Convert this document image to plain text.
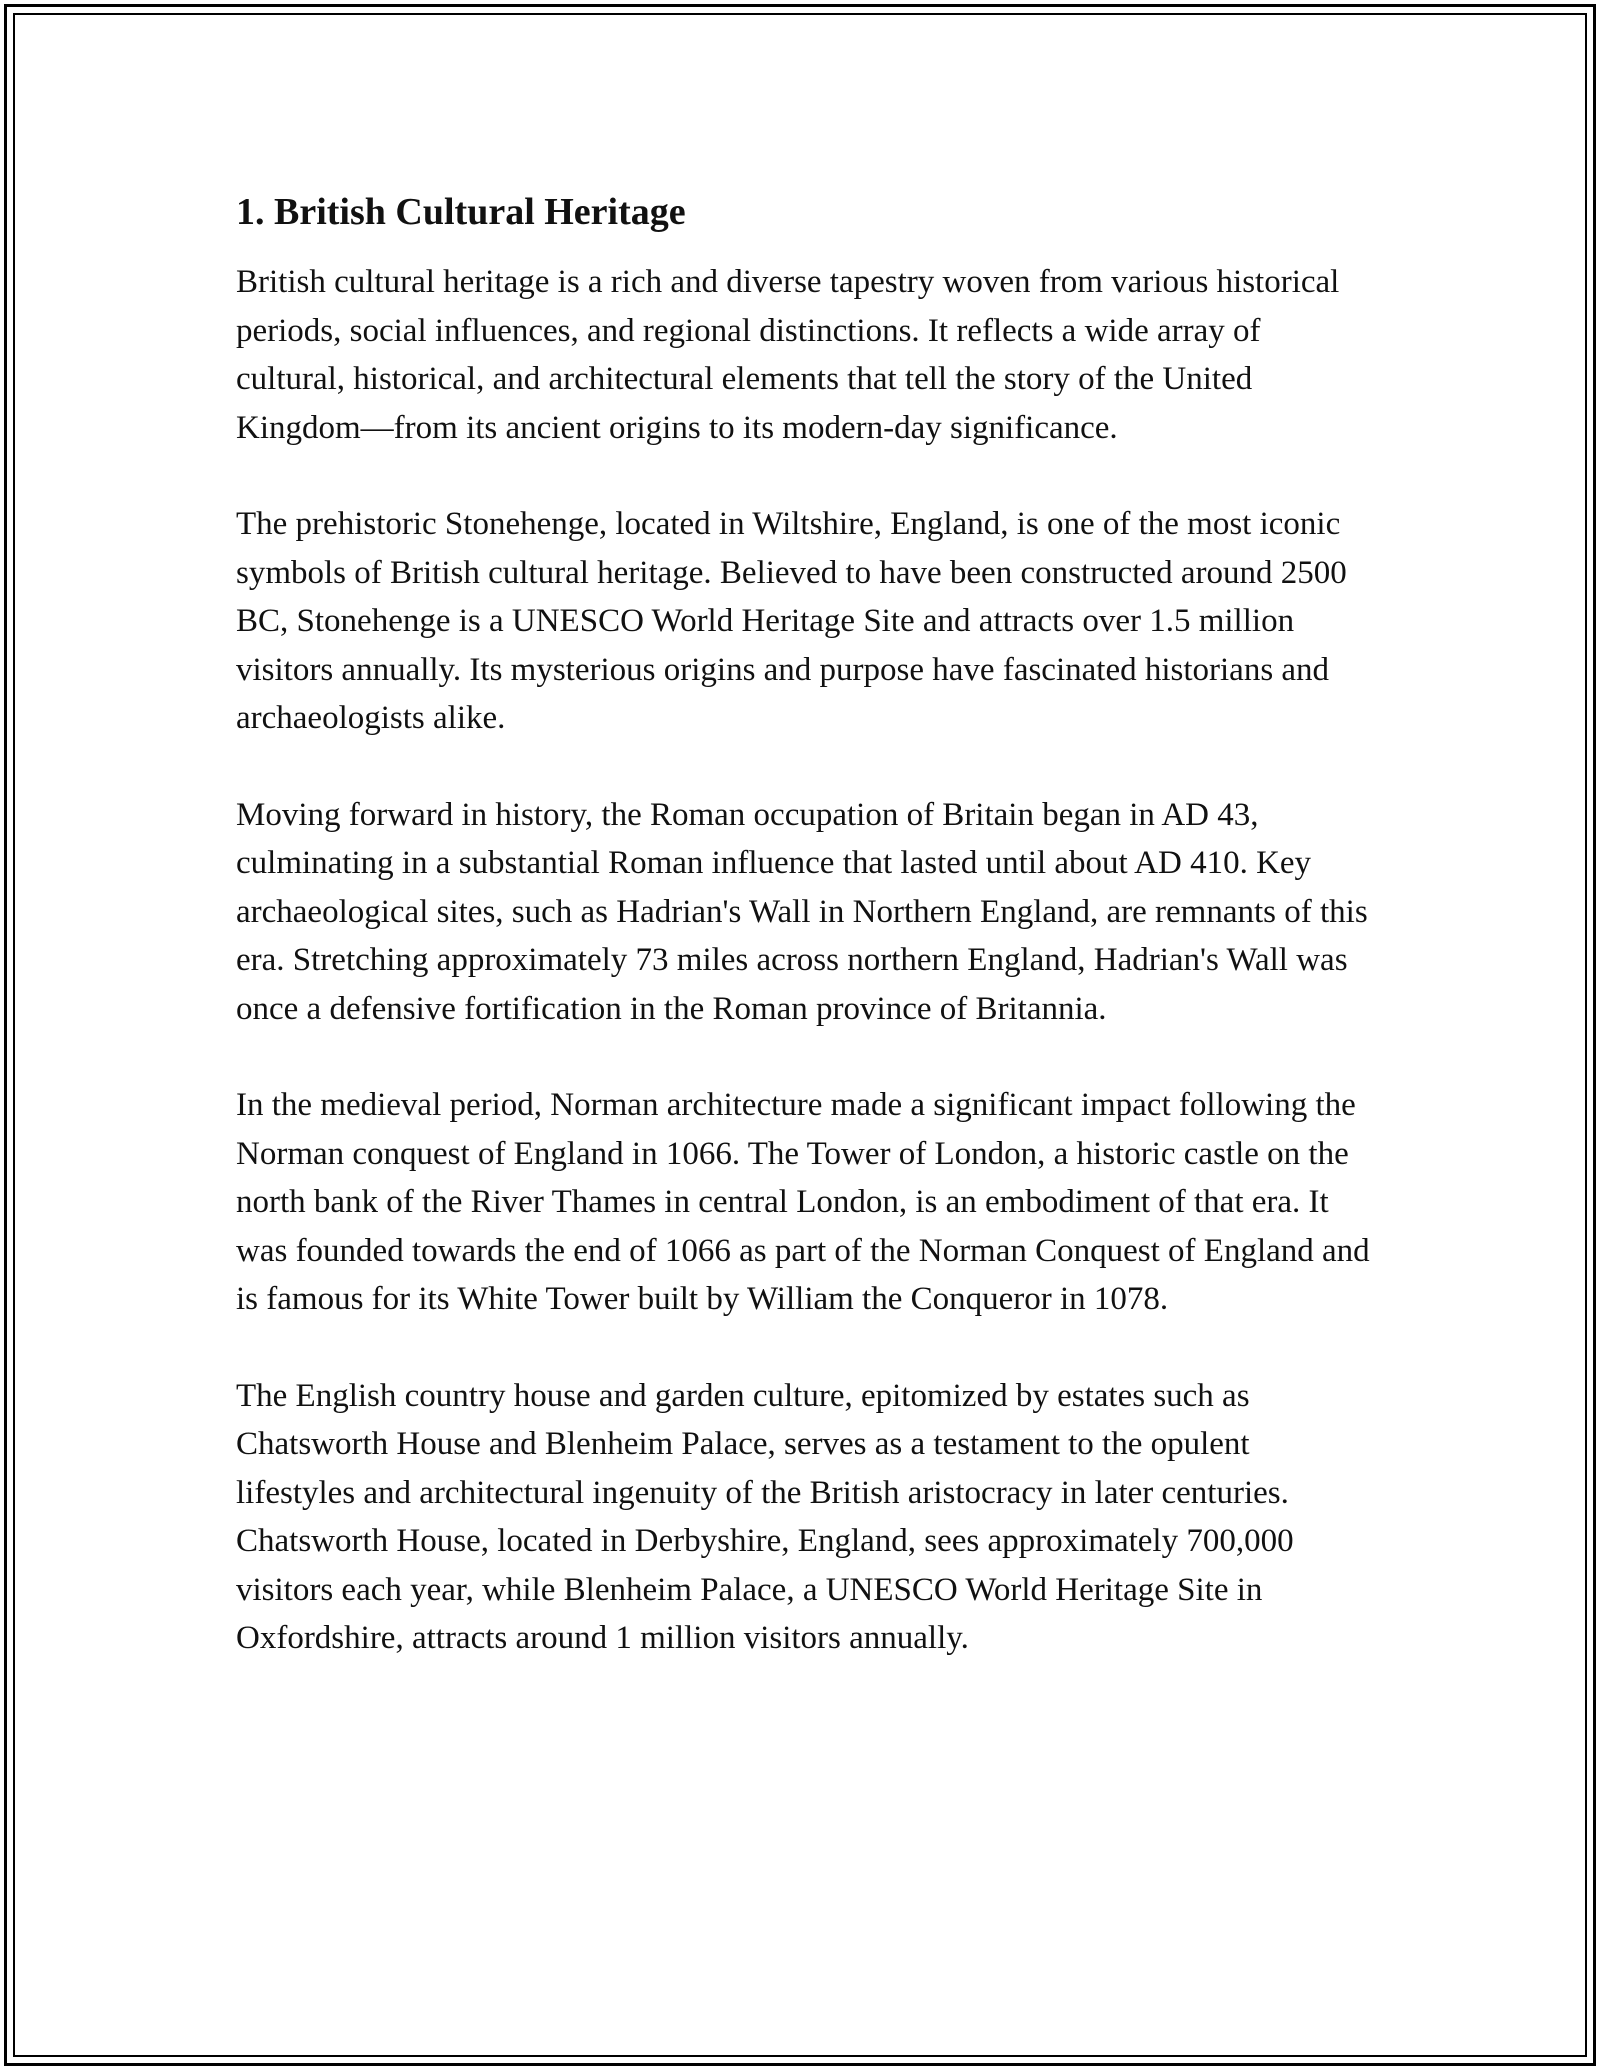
1. British Cultural Heritage

British cultural heritage is a rich and diverse tapestry woven from various historical periods, social influences, and regional distinctions. It reflects a wide array of cultural, historical, and architectural elements that tell the story of the United Kingdom—from its ancient origins to its modern-day significance.

The prehistoric Stonehenge, located in Wiltshire, England, is one of the most iconic symbols of British cultural heritage. Believed to have been constructed around 2500 BC, Stonehenge is a UNESCO World Heritage Site and attracts over 1.5 million visitors annually. Its mysterious origins and purpose have fascinated historians and archaeologists alike.

Moving forward in history, the Roman occupation of Britain began in AD 43, culminating in a substantial Roman influence that lasted until about AD 410. Key archaeological sites, such as Hadrian's Wall in Northern England, are remnants of this era. Stretching approximately 73 miles across northern England, Hadrian's Wall was once a defensive fortification in the Roman province of Britannia.

In the medieval period, Norman architecture made a significant impact following the Norman conquest of England in 1066. The Tower of London, a historic castle on the north bank of the River Thames in central London, is an embodiment of that era. It was founded towards the end of 1066 as part of the Norman Conquest of England and is famous for its White Tower built by William the Conqueror in 1078.

The English country house and garden culture, epitomized by estates such as Chatsworth House and Blenheim Palace, serves as a testament to the opulent lifestyles and architectural ingenuity of the British aristocracy in later centuries. Chatsworth House, located in Derbyshire, England, sees approximately 700,000 visitors each year, while Blenheim Palace, a UNESCO World Heritage Site in Oxfordshire, attracts around 1 million visitors annually.
